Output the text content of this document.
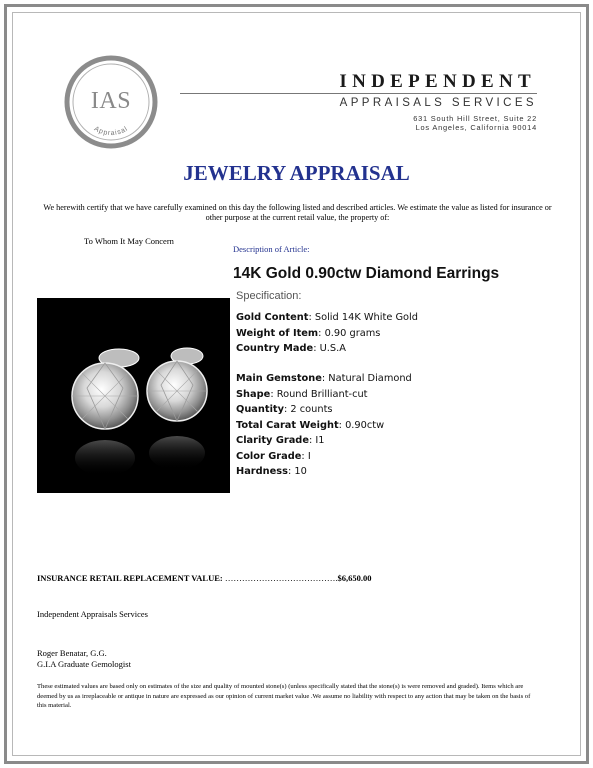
IAS
Appraisal
INDEPENDENT
APPRAISALS SERVICES
631 South Hill Street, Suite 22
Los Angeles, California 90014
JEWELRY APPRAISAL
We herewith certify that we have carefully examined on this day the following listed and described articles. We estimate the value as listed for insurance or other purpose at the current retail value, the property of:
To Whom It May Concern
Description of Article:
14K Gold 0.90ctw Diamond Earrings
Specification:
Gold Content: Solid 14K White Gold
Weight of Item: 0.90 grams
Country Made: U.S.A
Main Gemstone: Natural Diamond
Shape: Round Brilliant-cut
Quantity: 2 counts
Total Carat Weight: 0.90ctw
Clarity Grade: I1
Color Grade: I
Hardness: 10
INSURANCE RETAIL REPLACEMENT VALUE: ………………………………….$6,650.00
Independent Appraisals Services
Roger Benatar, G.G.
G.I.A Graduate Gemologist
These estimated values are based only on estimates of the size and quality of mounted stone(s) (unless specifically stated that the stone(s) is were removed and graded). Items which are deemed by us as irreplaceable or antique in nature are expressed as our opinion of current market value .We assume no liability with respect to any action that may be taken on the basis of this material.
